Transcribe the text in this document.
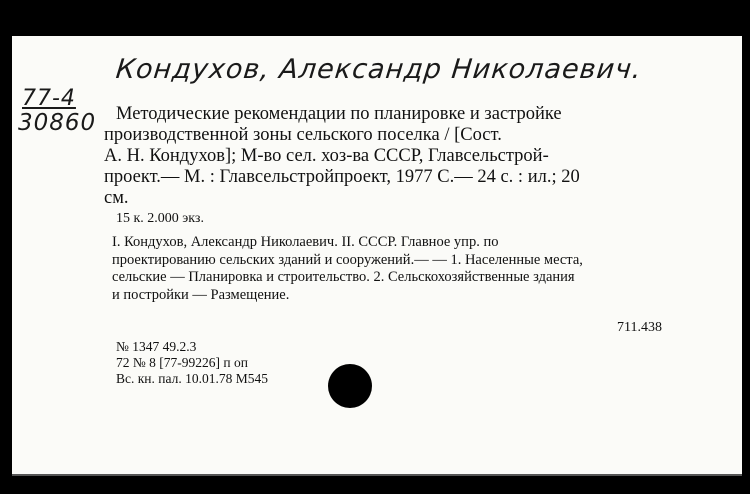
Кондухов, Александр Николаевич.
77-4
30860	Методические рекомендации по планировке и застройке

производственной зоны сельского поселка / [Сост.

А. Н. Кондухов]; М-во сел. хоз-ва СССР, Главсельстрой-

проект.— М. : Главсельстройпроект, 1977 С.— 24 с. : ил.; 20

см.

15 к. 2.000 экз.

I. Кондухов, Александр Николаевич. II. СССР. Главное упр. по

проектированию сельских зданий и сооружений.— — 1. Населенные места,

сельские — Планировка и строительство. 2. Сельскохозяйственные здания

и постройки — Размещение.

711.438
№ 1347 49.2.3
72 № 8 [77-99226] п оп
Вс. кн. пал. 10.01.78 М545
